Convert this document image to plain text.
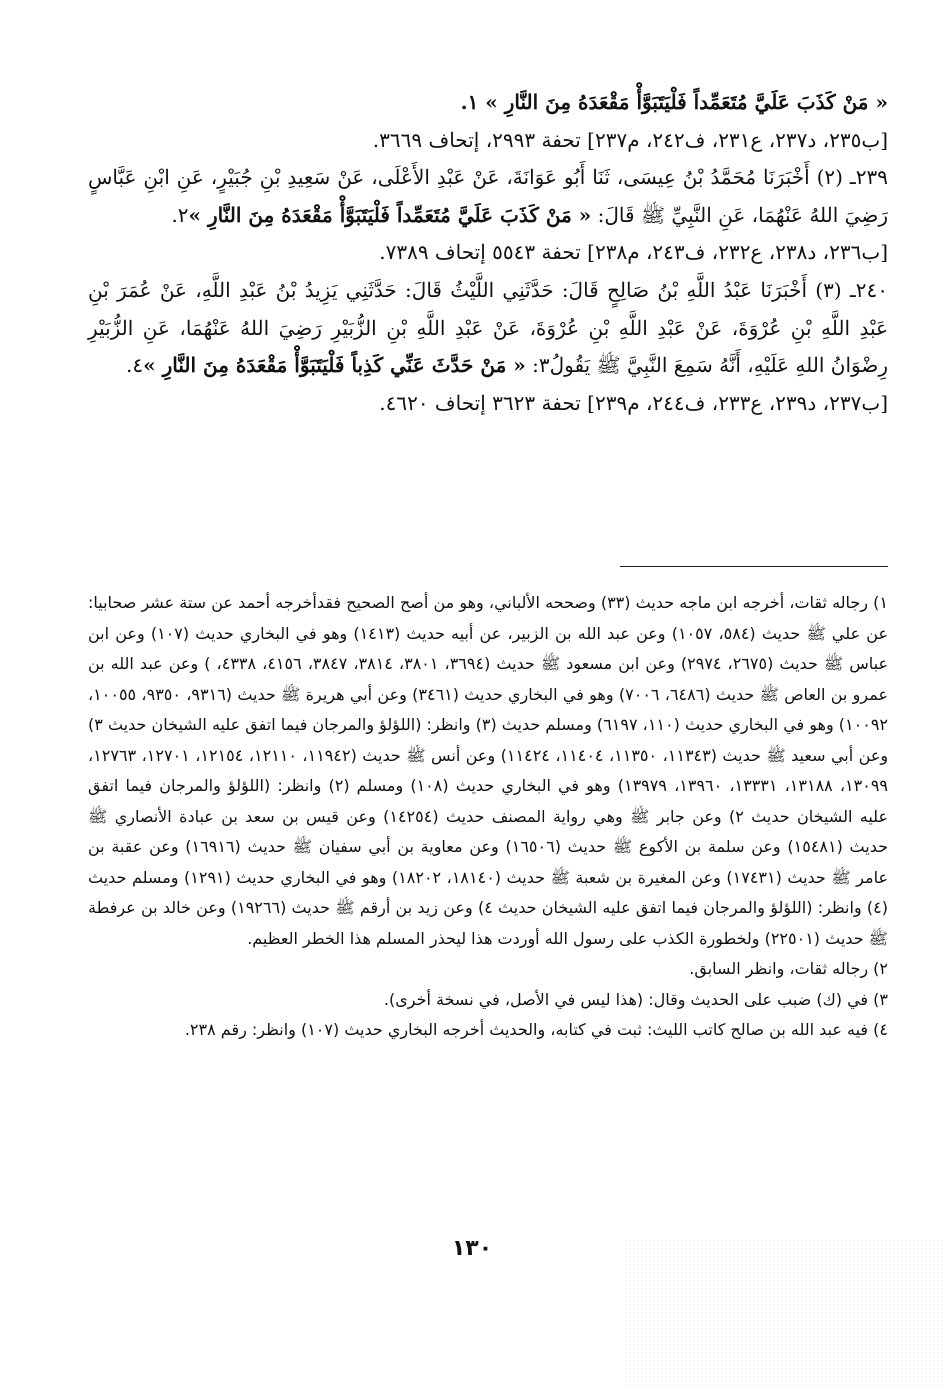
« مَنْ كَذَبَ عَلَيَّ مُتَعَمِّداً فَلْيَتَبَوَّأْ مَقْعَدَهُ مِنَ النَّارِ » ١.

[ب٢٣٥، د٢٣٧، ع٢٣١، ف٢٤٢، م٢٣٧] تحفة ٢٩٩٣، إتحاف ٣٦٦٩.

٢٣٩ـ (٢) أَخْبَرَنَا مُحَمَّدُ بْنُ عِيسَى، ثَنَا أَبُو عَوَانَةَ، عَنْ عَبْدِ الأَعْلَى، عَنْ سَعِيدِ بْنِ جُبَيْرٍ، عَنِ ابْنِ عَبَّاسٍ رَضِيَ اللهُ عَنْهُمَا، عَنِ النَّبِيِّ ﷺ قَالَ: « مَنْ كَذَبَ عَلَيَّ مُتَعَمِّداً فَلْيَتَبَوَّأْ مَقْعَدَهُ مِنَ النَّارِ »٢.

[ب٢٣٦، د٢٣٨، ع٢٣٢، ف٢٤٣، م٢٣٨] تحفة ٥٥٤٣ إتحاف ٧٣٨٩.

٢٤٠ـ (٣) أَخْبَرَنَا عَبْدُ اللَّهِ بْنُ صَالِحٍ قَالَ: حَدَّثَنِي اللَّيْثُ قَالَ: حَدَّثَنِي يَزِيدُ بْنُ عَبْدِ اللَّهِ، عَنْ عُمَرَ بْنِ عَبْدِ اللَّهِ بْنِ عُرْوَةَ، عَنْ عَبْدِ اللَّهِ بْنِ عُرْوَةَ، عَنْ عَبْدِ اللَّهِ بْنِ الزُّبَيْرِ رَضِيَ اللهُ عَنْهُمَا، عَنِ الزُّبَيْرِ رِضْوَانُ اللهِ عَلَيْهِ، أَنَّهُ سَمِعَ النَّبِيَّ ﷺ يَقُولُ٣: « مَنْ حَدَّثَ عَنِّي كَذِباً فَلْيَتَبَوَّأْ مَقْعَدَهُ مِنَ النَّارِ »٤.

[ب٢٣٧، د٢٣٩، ع٢٣٣، ف٢٤٤، م٢٣٩] تحفة ٣٦٢٣ إتحاف ٤٦٢٠.

١) رجاله ثقات، أخرجه ابن ماجه حديث (٣٣) وصححه الألباني، وهو من أصح الصحيح فقدأخرجه أحمد عن ستة عشر صحابيا: عن علي ﷺ حديث (٥٨٤، ١٠٥٧) وعن عبد الله بن الزبير، عن أبيه حديث (١٤١٣) وهو في البخاري حديث (١٠٧) وعن ابن عباس ﷺ حديث (٢٦٧٥، ٢٩٧٤) وعن ابن مسعود ﷺ حديث (٣٦٩٤، ٣٨٠١، ٣٨١٤، ٣٨٤٧، ٤١٥٦، ٤٣٣٨، ) وعن عبد الله بن عمرو بن العاص ﷺ حديث (٦٤٨٦، ٧٠٠٦) وهو في البخاري حديث (٣٤٦١) وعن أبي هريرة ﷺ حديث (٩٣١٦، ٩٣٥٠، ١٠٠٥٥، ١٠٠٩٢) وهو في البخاري حديث (١١٠، ٦١٩٧) ومسلم حديث (٣) وانظر: (اللؤلؤ والمرجان فيما اتفق عليه الشيخان حديث ٣) وعن أبي سعيد ﷺ حديث (١١٣٤٣، ١١٣٥٠، ١١٤٠٤، ١١٤٢٤) وعن أنس ﷺ حديث (١١٩٤٢، ١٢١١٠، ١٢١٥٤، ١٢٧٠١، ١٢٧٦٣، ١٣٠٩٩، ١٣١٨٨، ١٣٣٣١، ١٣٩٦٠، ١٣٩٧٩) وهو في البخاري حديث (١٠٨) ومسلم (٢) وانظر: (اللؤلؤ والمرجان فيما اتفق عليه الشيخان حديث ٢) وعن جابر ﷺ وهي رواية المصنف حديث (١٤٢٥٤) وعن قيس بن سعد بن عبادة الأنصاري ﷺ حديث (١٥٤٨١) وعن سلمة بن الأكوع ﷺ حديث (١٦٥٠٦) وعن معاوية بن أبي سفيان ﷺ حديث (١٦٩١٦) وعن عقبة بن عامر ﷺ حديث (١٧٤٣١) وعن المغيرة بن شعبة ﷺ حديث (١٨١٤٠، ١٨٢٠٢) وهو في البخاري حديث (١٢٩١) ومسلم حديث (٤) وانظر: (اللؤلؤ والمرجان فيما اتفق عليه الشيخان حديث ٤) وعن زيد بن أرقم ﷺ حديث (١٩٢٦٦) وعن خالد بن عرفطة ﷺ حديث (٢٢٥٠١) ولخطورة الكذب على رسول الله أوردت هذا ليحذر المسلم هذا الخطر العظيم.

٢) رجاله ثقات، وانظر السابق.

٣) في (ك) ضبب على الحديث وقال: (هذا ليس في الأصل، في نسخة أخرى).

٤) فيه عبد الله بن صالح كاتب الليث: ثبت في كتابه، والحديث أخرجه البخاري حديث (١٠٧) وانظر: رقم ٢٣٨.

١٣٠
